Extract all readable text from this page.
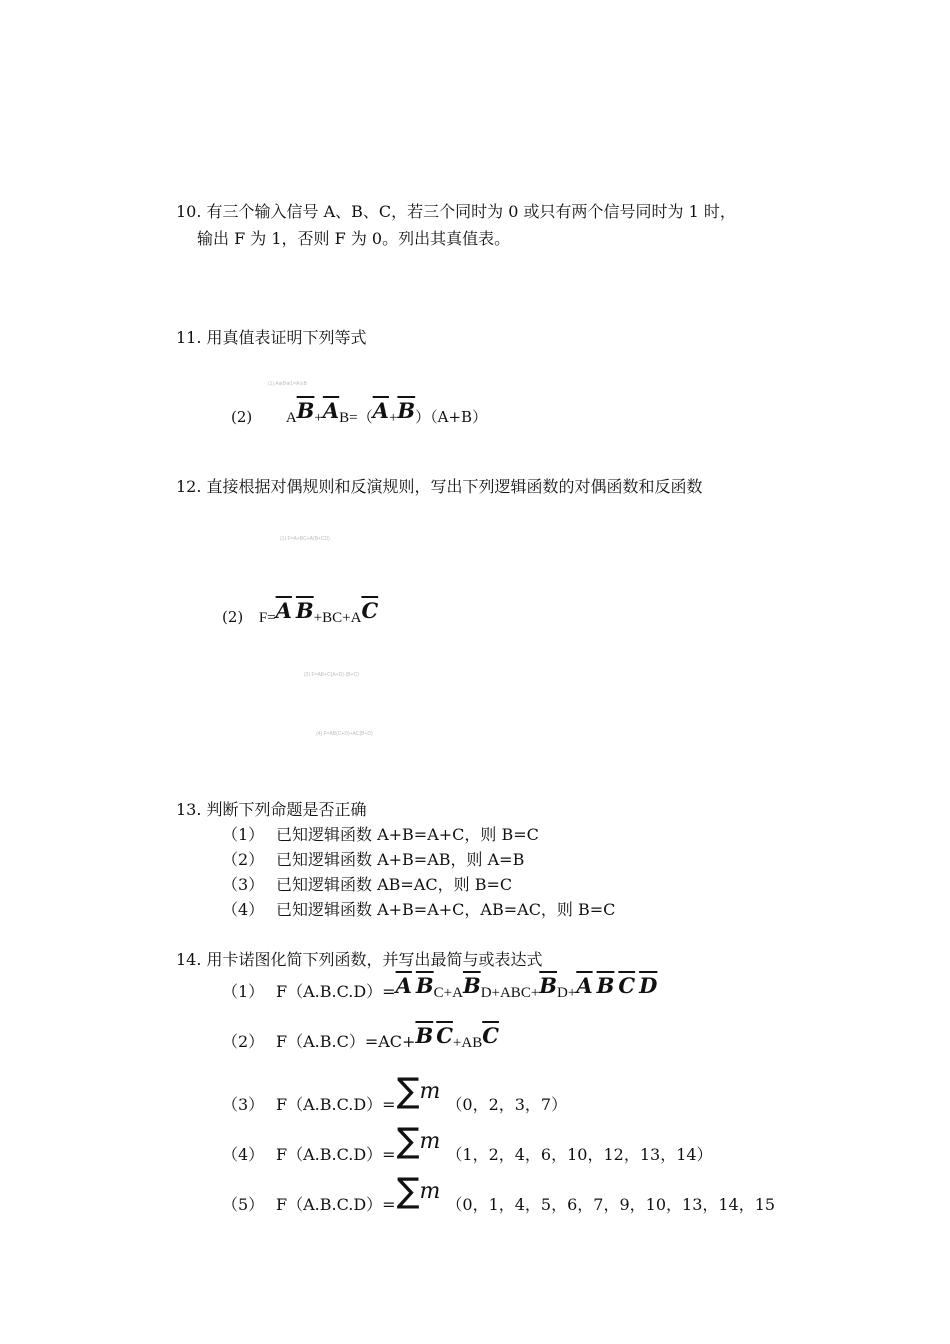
10. 有三个输入信号 A、B、C，若三个同时为 0 或只有两个信号同时为 1 时，
输出 F 为 1，否则 F 为 0。列出其真值表。
11. 用真值表证明下列等式
(1) A⊕B⊕1=A⊙B
(2) $A\overline{B}+\overline{A}B=(\overline{A}+\overline{B})(A+B)$
12. 直接根据对偶规则和反演规则，写出下列逻辑函数的对偶函数和反函数
(1) F=A+BC+A(B+CD)
(2) $F=\overline{A}$ $\overline{B}+BC+A\overline{C}$
(3) F=AB+C(A+D)·(B+C)
(4) F=AB(C+D)+AC(B+D)
13. 判断下列命题是否正确
（1） 已知逻辑函数 A+B=A+C，则 B=C
（2） 已知逻辑函数 A+B=AB，则 A=B
（3） 已知逻辑函数 AB=AC，则 B=C
（4） 已知逻辑函数 A+B=A+C，AB=AC，则 B=C
14. 用卡诺图化简下列函数，并写出最简与或表达式
（1） $F(A.B.C.D)=\overline{A}$ $\overline{B}C+A\overline{B}D+ABC+\overline{B}D+\overline{A}$ $\overline{B}$ $\overline{C}$ $\overline{D}$
（2） $F(A.B.C)=AC+\overline{B}$ $\overline{C}+AB\overline{C}$
（3） F（A.B.C.D）=∑m（0，2，3，7）
（4） F（A.B.C.D）=∑m（1，2，4，6，10，12，13，14）
（5） F（A.B.C.D）=∑m（0，1，4，5，6，7，9，10，13，14，15
